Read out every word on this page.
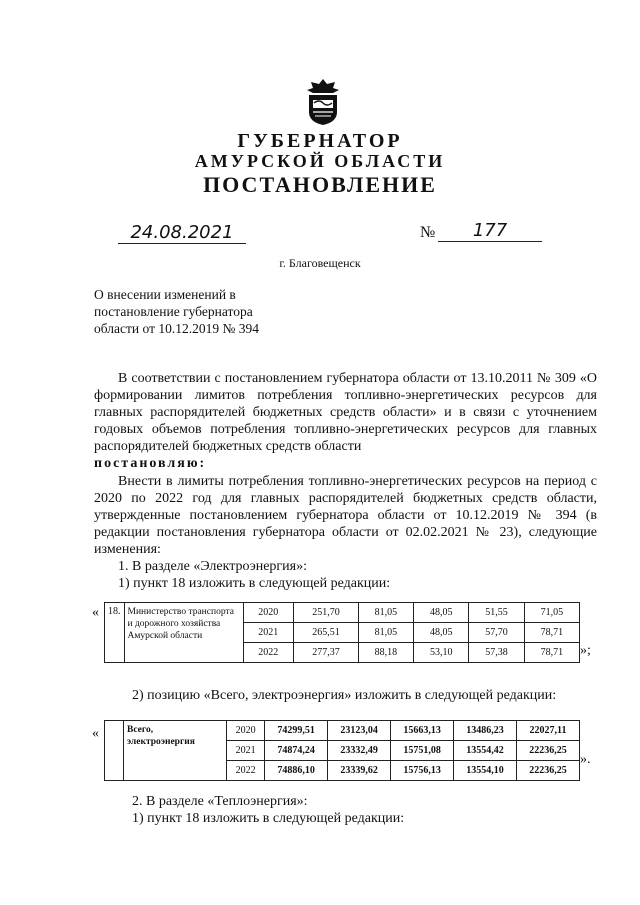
ГУБЕРНАТОР
АМУРСКОЙ ОБЛАСТИ
ПОСТАНОВЛЕНИЕ
24.08.2021	№	177
г. Благовещенск
О внесении изменений в
постановление губернатора
области от 10.12.2019 № 394
В соответствии с постановлением губернатора области от 13.10.2011 № 309 «О формировании лимитов потребления топливно-энергетических ресурсов для главных распорядителей бюджетных средств области» и в связи с уточнением годовых объемов потребления топливно-энергетических ресурсов для главных распорядителей бюджетных средств области
постановляю:
Внести в лимиты потребления топливно-энергетических ресурсов на период с 2020 по 2022 год для главных распорядителей бюджетных средств области, утвержденные постановлением губернатора области от 10.12.2019 № 394 (в редакции постановления губернатора области от 02.02.2021 № 23), следующие изменения:
1. В разделе «Электроэнергия»:
1) пункт 18 изложить в следующей редакции:
« 18.	Министерство транспорта и дорожного хозяйства Амурской области	2020	251,70	81,05	48,05	51,55	71,05
		2021	265,51	81,05	48,05	57,70	78,71
		2022	277,37	88,18	53,10	57,38	78,71 »;
2) позицию «Всего, электроэнергия» изложить в следующей редакции:
«
		Всего, электроэнергия	2020	74299,51	23123,04	15663,13	13486,23	22027,11
		2021	74874,24	23332,49	15751,08	13554,42	22236,25
		2022	74886,10	23339,62	15756,13	13554,10	22236,25
».
2. В разделе «Теплоэнергия»:
1) пункт 18 изложить в следующей редакции:
